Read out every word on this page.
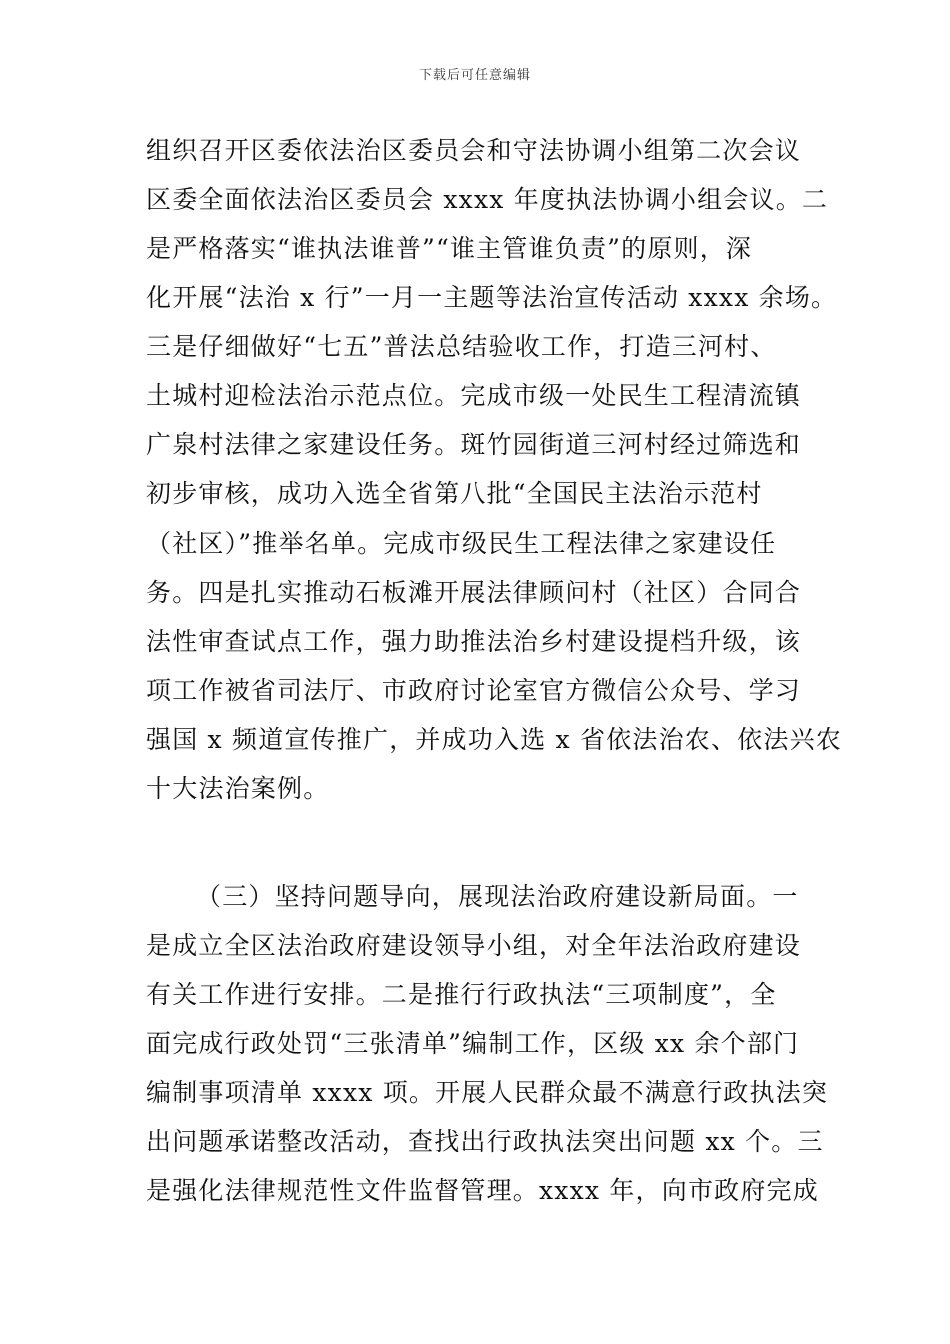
下载后可任意编辑
组织召开区委依法治区委员会和守法协调小组第二次会议
区委全面依法治区委员会 xxxx 年度执法协调小组会议。二
是严格落实“谁执法谁普”“谁主管谁负责”的原则，深
化开展“法治 x 行”一月一主题等法治宣传活动 xxxx 余场。
三是仔细做好“七五”普法总结验收工作，打造三河村、
土城村迎检法治示范点位。完成市级一处民生工程清流镇
广泉村法律之家建设任务。斑竹园街道三河村经过筛选和
初步审核，成功入选全省第八批“全国民主法治示范村
（社区）”推举名单。完成市级民生工程法律之家建设任
务。四是扎实推动石板滩开展法律顾问村（社区）合同合
法性审查试点工作，强力助推法治乡村建设提档升级，该
项工作被省司法厅、市政府讨论室官方微信公众号、学习
强国 x 频道宣传推广，并成功入选 x 省依法治农、依法兴农
十大法治案例。
（三）坚持问题导向，展现法治政府建设新局面。一
是成立全区法治政府建设领导小组，对全年法治政府建设
有关工作进行安排。二是推行行政执法“三项制度”，全
面完成行政处罚“三张清单”编制工作，区级 xx 余个部门
编制事项清单 xxxx 项。开展人民群众最不满意行政执法突
出问题承诺整改活动，查找出行政执法突出问题 xx 个。三
是强化法律规范性文件监督管理。xxxx 年，向市政府完成
